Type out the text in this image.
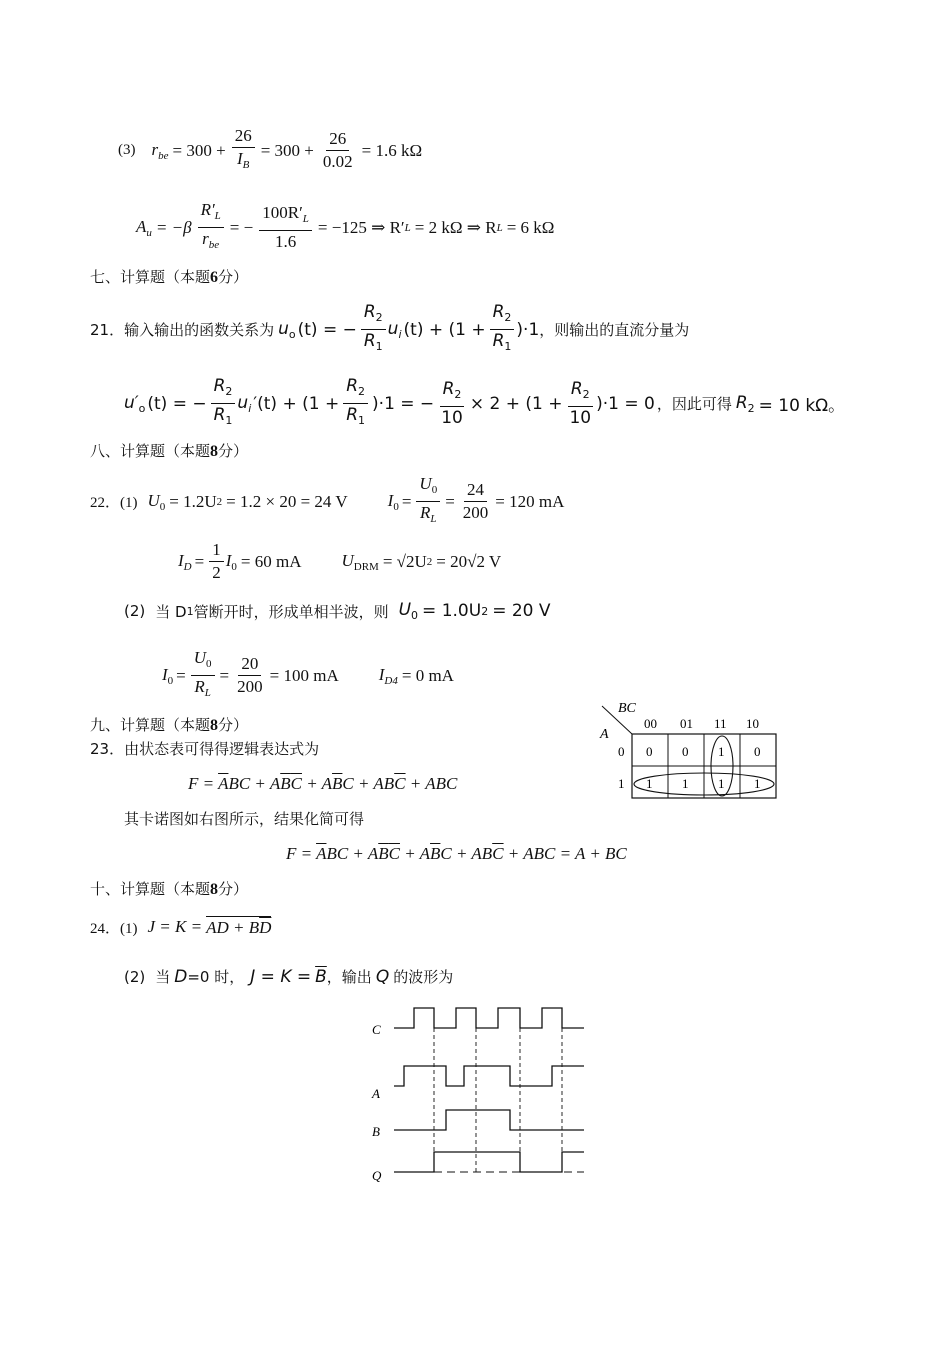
(3) $r_{be} = 300 + \frac{26}{I_B} = 300 + \frac{26}{0.02} = 1.6$ kΩ
$A_u = -\beta \frac{R'_L}{r_{be}}$ = − $\frac{100R'_L}{1.6} = -125$ ⇒ R′ L = 2 kΩ ⇒ R L = 6 kΩ
七、计算题（本题6分）
21． 输入输出的函数关系为 $u_o$ (t) = − $\frac{R_2}{R_1} u_i$ $(t) + (1 + \frac{R_2}{R_1} )\cdot 1$ ，则输出的直流分量为
$u'_o$ (t) = − $\frac{R_2}{R_1} u_i$ $'(t) + (1 + \frac{R_2}{R_1} )\cdot 1$ = − $\frac{R_2}{10} \times 2 + (1 + \frac{R_2}{10} )\cdot 1 = 0$ ，因此可得 $R_2 = 10$ kΩ。
八、计算题（本题8分）
22．(1) $U_0 = 1.2U$ 2 = 1.2 × 20 = 24 V $I_0 = \frac{U_0}{R_L} = \frac{24}{200} = 120$ mA
$I_D = \frac{1}{2} I_0 = 60$ mA $U_{DRM} = √2U$ 2 = 20√2 V
(2) 当 D 1 管断开时，形成单相半波，则 $U_0 = 1.0U$ 2 = 20 V
$I_0 = \frac{U_0}{R_L} = \frac{20}{200} = 100$ mA $I_{D4} = 0$ mA
九、计算题（本题8分）
23．由状态表可得得逻辑表达式为
$F = \overline{A}BC + A\overline{B}\overline{C} + A\overline{B}C + AB\overline{C}$ + ABC
其卡诺图如右图所示，结果化简可得
$F = \overline{A}BC + A\overline{B}\overline{C} + A\overline{B}C + AB\overline{C}$ + ABC = A + BC
BC
A
00 01 11 10
0
1
0 0 1 0
1 1 1 1
十、计算题（本题8分）
24．(1) J = K = AD + $B\overline{D}$
(2) 当 D =0 时， $J = K = \overline{B}$ ，输出 Q 的波形为
C
A
B
Q
